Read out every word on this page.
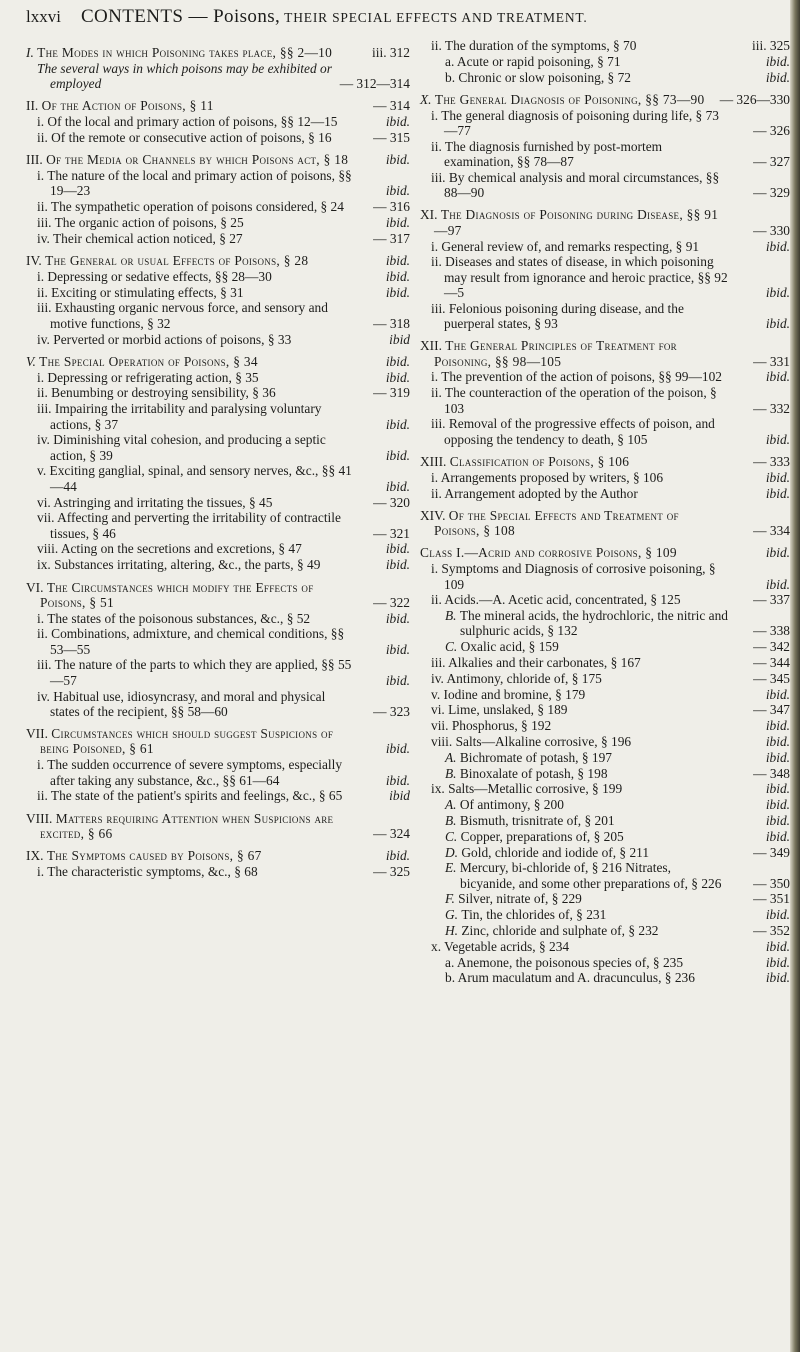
lxxvi CONTENTS — Poisons, THEIR SPECIAL EFFECTS AND TREATMENT.
I. The Modes in which Poisoning takes place, §§ 2—10	iii. 312
The several ways in which poisons may be exhibited or employed	— 312—314
II. Of the Action of Poisons, § 11	— 314
i. Of the local and primary action of poisons, §§ 12—15	ibid.
ii. Of the remote or consecutive action of poisons, § 16	— 315
III. Of the Media or Channels by which Poisons act, § 18	ibid.
i. The nature of the local and primary action of poisons, §§ 19—23	ibid.
ii. The sympathetic operation of poisons considered, § 24	— 316
iii. The organic action of poisons, § 25	ibid.
iv. Their chemical action noticed, § 27	— 317
IV. The General or usual Effects of Poisons, § 28	ibid.
i. Depressing or sedative effects, §§ 28—30	ibid.
ii. Exciting or stimulating effects, § 31	ibid.
iii. Exhausting organic nervous force, and sensory and motive functions, § 32	— 318
iv. Perverted or morbid actions of poisons, § 33	ibid
V. The Special Operation of Poisons, § 34	ibid.
i. Depressing or refrigerating action, § 35	ibid.
ii. Benumbing or destroying sensibility, § 36	— 319
iii. Impairing the irritability and paralysing voluntary actions, § 37	ibid.
iv. Diminishing vital cohesion, and producing a septic action, § 39	ibid.
v. Exciting ganglial, spinal, and sensory nerves, &c., §§ 41—44	ibid.
vi. Astringing and irritating the tissues, § 45	— 320
vii. Affecting and perverting the irritability of contractile tissues, § 46	— 321
viii. Acting on the secretions and excretions, § 47	ibid.
ix. Substances irritating, altering, &c., the parts, § 49	ibid.
VI. The Circumstances which modify the Effects of Poisons, § 51	— 322
i. The states of the poisonous substances, &c., § 52	ibid.
ii. Combinations, admixture, and chemical conditions, §§ 53—55	ibid.
iii. The nature of the parts to which they are applied, §§ 55—57	ibid.
iv. Habitual use, idiosyncrasy, and moral and physical states of the recipient, §§ 58—60	— 323
VII. Circumstances which should suggest Suspicions of being Poisoned, § 61	ibid.
i. The sudden occurrence of severe symptoms, especially after taking any substance, &c., §§ 61—64	ibid.
ii. The state of the patient's spirits and feelings, &c., § 65	ibid
VIII. Matters requiring Attention when Suspicions are excited, § 66	— 324
IX. The Symptoms caused by Poisons, § 67	ibid.
i. The characteristic symptoms, &c., § 68	— 325
ii. The duration of the symptoms, § 70	iii. 325
a. Acute or rapid poisoning, § 71	ibid.
b. Chronic or slow poisoning, § 72	ibid.
X. The General Diagnosis of Poisoning, §§ 73—90	— 326—330
i. The general diagnosis of poisoning during life, § 73—77	— 326
ii. The diagnosis furnished by post-mortem examination, §§ 78—87	— 327
iii. By chemical analysis and moral circumstances, §§ 88—90	— 329
XI. The Diagnosis of Poisoning during Disease, §§ 91—97	— 330
i. General review of, and remarks respecting, § 91	ibid.
ii. Diseases and states of disease, in which poisoning may result from ignorance and heroic practice, §§ 92—5	ibid.
iii. Felonious poisoning during disease, and the puerperal states, § 93	ibid.
XII. The General Principles of Treatment for Poisoning, §§ 98—105	— 331
i. The prevention of the action of poisons, §§ 99—102	ibid.
ii. The counteraction of the operation of the poison, § 103	— 332
iii. Removal of the progressive effects of poison, and opposing the tendency to death, § 105	ibid.
XIII. Classification of Poisons, § 106	— 333
i. Arrangements proposed by writers, § 106	ibid.
ii. Arrangement adopted by the Author	ibid.
XIV. Of the Special Effects and Treatment of Poisons, § 108	— 334
Class I.—Acrid and corrosive Poisons, § 109	ibid.
i. Symptoms and Diagnosis of corrosive poisoning, § 109	ibid.
ii. Acids.—A. Acetic acid, concentrated, § 125	— 337
B. The mineral acids, the hydrochloric, the nitric and sulphuric acids, § 132	— 338
C. Oxalic acid, § 159	— 342
iii. Alkalies and their carbonates, § 167	— 344
iv. Antimony, chloride of, § 175	— 345
v. Iodine and bromine, § 179	ibid.
vi. Lime, unslaked, § 189	— 347
vii. Phosphorus, § 192	ibid.
viii. Salts—Alkaline corrosive, § 196	ibid.
A. Bichromate of potash, § 197	ibid.
B. Binoxalate of potash, § 198	— 348
ix. Salts—Metallic corrosive, § 199	ibid.
A. Of antimony, § 200	ibid.
B. Bismuth, trisnitrate of, § 201	ibid.
C. Copper, preparations of, § 205	ibid.
D. Gold, chloride and iodide of, § 211	— 349
E. Mercury, bi-chloride of, § 216 Nitrates, bicyanide, and some other preparations of, § 226	— 350
F. Silver, nitrate of, § 229	— 351
G. Tin, the chlorides of, § 231	ibid.
H. Zinc, chloride and sulphate of, § 232	— 352
x. Vegetable acrids, § 234	ibid.
a. Anemone, the poisonous species of, § 235	ibid.
b. Arum maculatum and A. dracunculus, § 236	ibid.
